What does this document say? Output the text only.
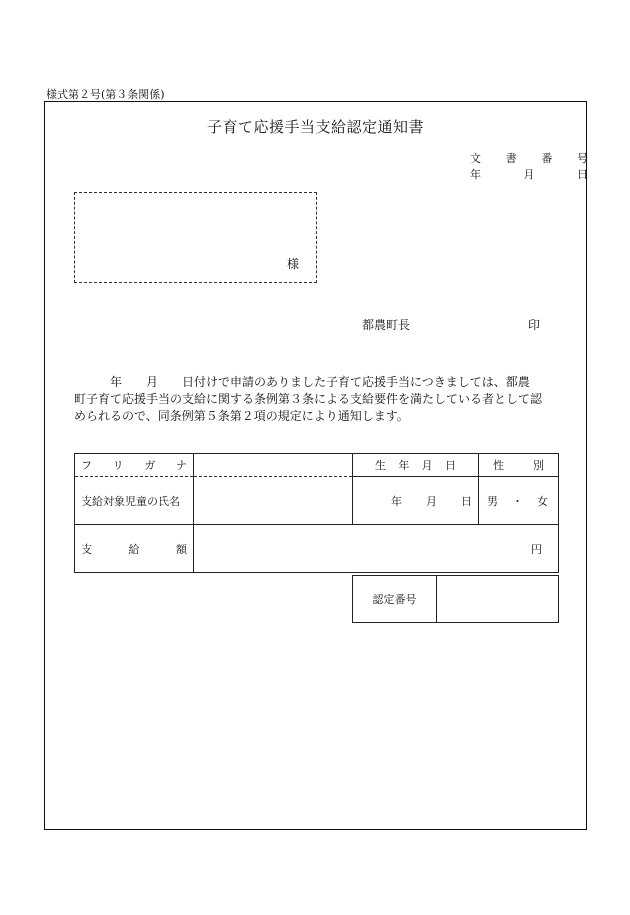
様式第２号(第３条関係)
子育て応援手当支給認定通知書
文 書 番 号
年	月	日
様
都農町長	印
　　　年　　月　　日付けで申請のありました子育て応援手当につきましては、都農
町子育て応援手当の支給に関する条例第３条による支給要件を満たしている者として認
められるので、同条例第５条第２項の規定により通知します。
フ リ ガ ナ		生 年 月 日	性 別

支給対象児童の氏名		年 月 日	男 ・ 女

支 給 額	円		
認定番号	
